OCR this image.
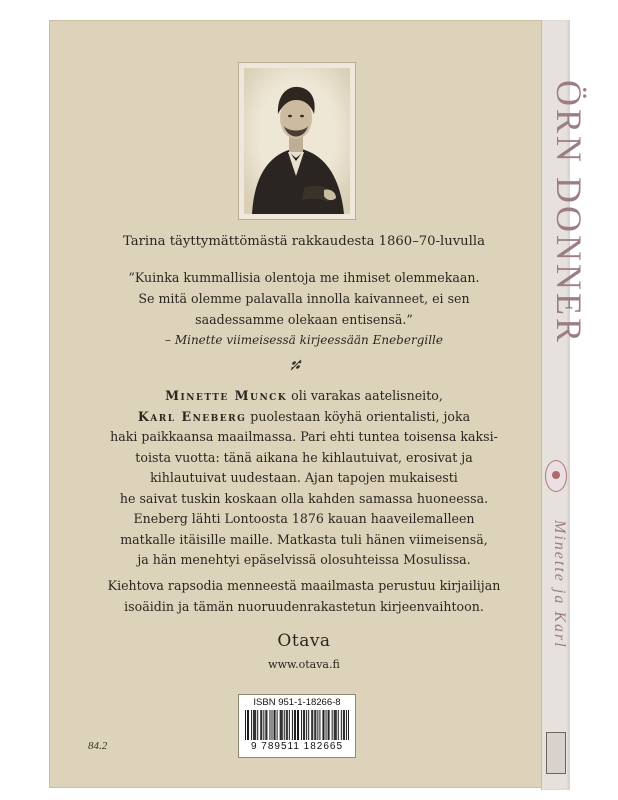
ÖRN DONNER
Minette ja Karl
Tarina täyttymättömästä rakkaudesta 1860–70-luvulla
”Kuinka kummallisia olentoja me ihmiset olemmekaan.
Se mitä olemme palavalla innolla kaivanneet, ei sen
saadessamme olekaan entisensä.”
– Minette viimeisessä kirjeessään Enebergille
Minette Munck oli varakas aatelisneito,
Karl Eneberg puolestaan köyhä orientalisti, joka
haki paikkaansa maailmassa. Pari ehti tuntea toisensa kaksi-
toista vuotta: tänä aikana he kihlautuivat, erosivat ja
kihlautuivat uudestaan. Ajan tapojen mukaisesti
he saivat tuskin koskaan olla kahden samassa huoneessa.
Eneberg lähti Lontoosta 1876 kauan haaveilemalleen
matkalle itäisille maille. Matkasta tuli hänen viimeisensä,
ja hän menehtyi epäselvissä olosuhteissa Mosulissa.
Kiehtova rapsodia menneestä maailmasta perustuu kirjailijan
isoäidin ja tämän nuoruudenrakastetun kirjeenvaihtoon.
Otava
www.otava.fi
ISBN 951-1-18266-8
9 789511 182665
84.2
